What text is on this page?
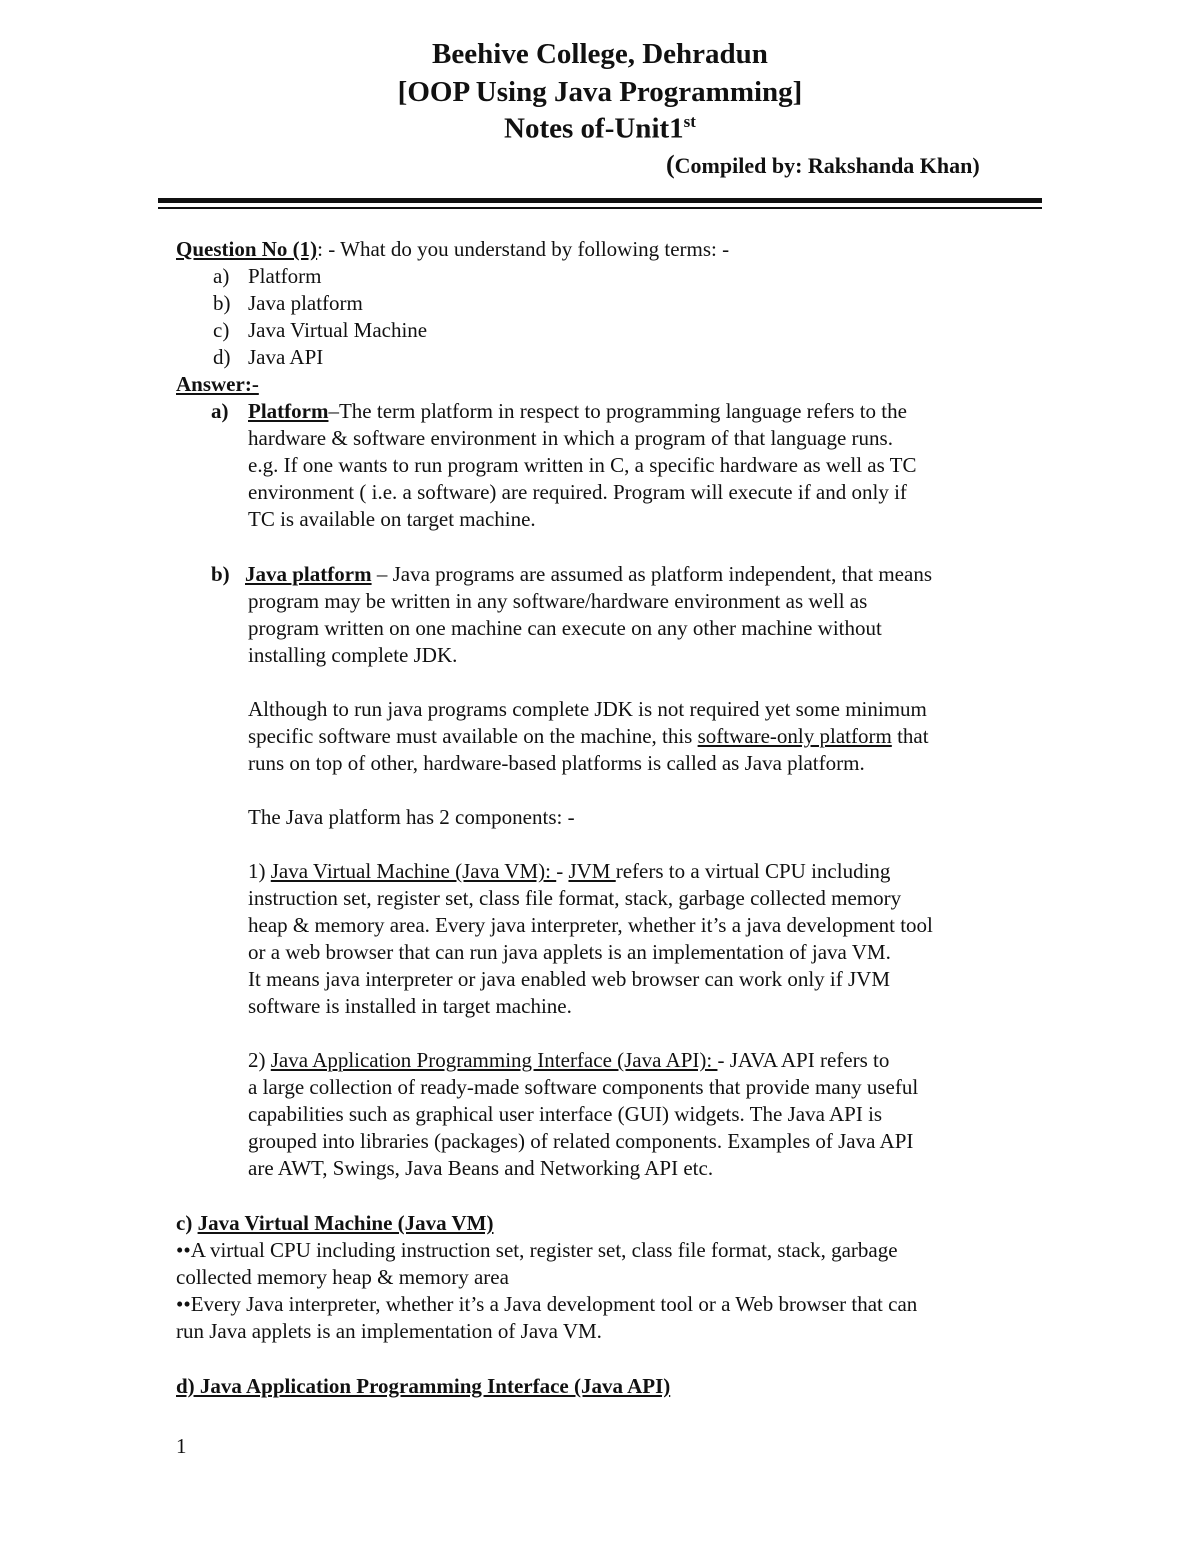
Beehive College, Dehradun
[OOP Using Java Programming]
Notes of-Unit1st
(Compiled by: Rakshanda Khan)
Question No (1): - What do you understand by following terms: -
a) Platform
b) Java platform
c) Java Virtual Machine
d) Java API
Answer:-
a) Platform–The term platform in respect to programming language refers to the
hardware & software environment in which a program of that language runs.
e.g. If one wants to run program written in C, a specific hardware as well as TC
environment ( i.e. a software) are required. Program will execute if and only if
TC is available on target machine.
b) Java platform – Java programs are assumed as platform independent, that means
program may be written in any software/hardware environment as well as
program written on one machine can execute on any other machine without
installing complete JDK.
Although to run java programs complete JDK is not required yet some minimum
specific software must available on the machine, this software-only platform that
runs on top of other, hardware-based platforms is called as Java platform.
The Java platform has 2 components: -
1) Java Virtual Machine (Java VM): - JVM refers to a virtual CPU including
instruction set, register set, class file format, stack, garbage collected memory
heap & memory area. Every java interpreter, whether it’s a java development tool
or a web browser that can run java applets is an implementation of java VM.
It means java interpreter or java enabled web browser can work only if JVM
software is installed in target machine.
2) Java Application Programming Interface (Java API): - JAVA API refers to
a large collection of ready-made software components that provide many useful
capabilities such as graphical user interface (GUI) widgets. The Java API is
grouped into libraries (packages) of related components. Examples of Java API
are AWT, Swings, Java Beans and Networking API etc.
c) Java Virtual Machine (Java VM)
••A virtual CPU including instruction set, register set, class file format, stack, garbage
collected memory heap & memory area
••Every Java interpreter, whether it’s a Java development tool or a Web browser that can
run Java applets is an implementation of Java VM.
d) Java Application Programming Interface (Java API)
1
